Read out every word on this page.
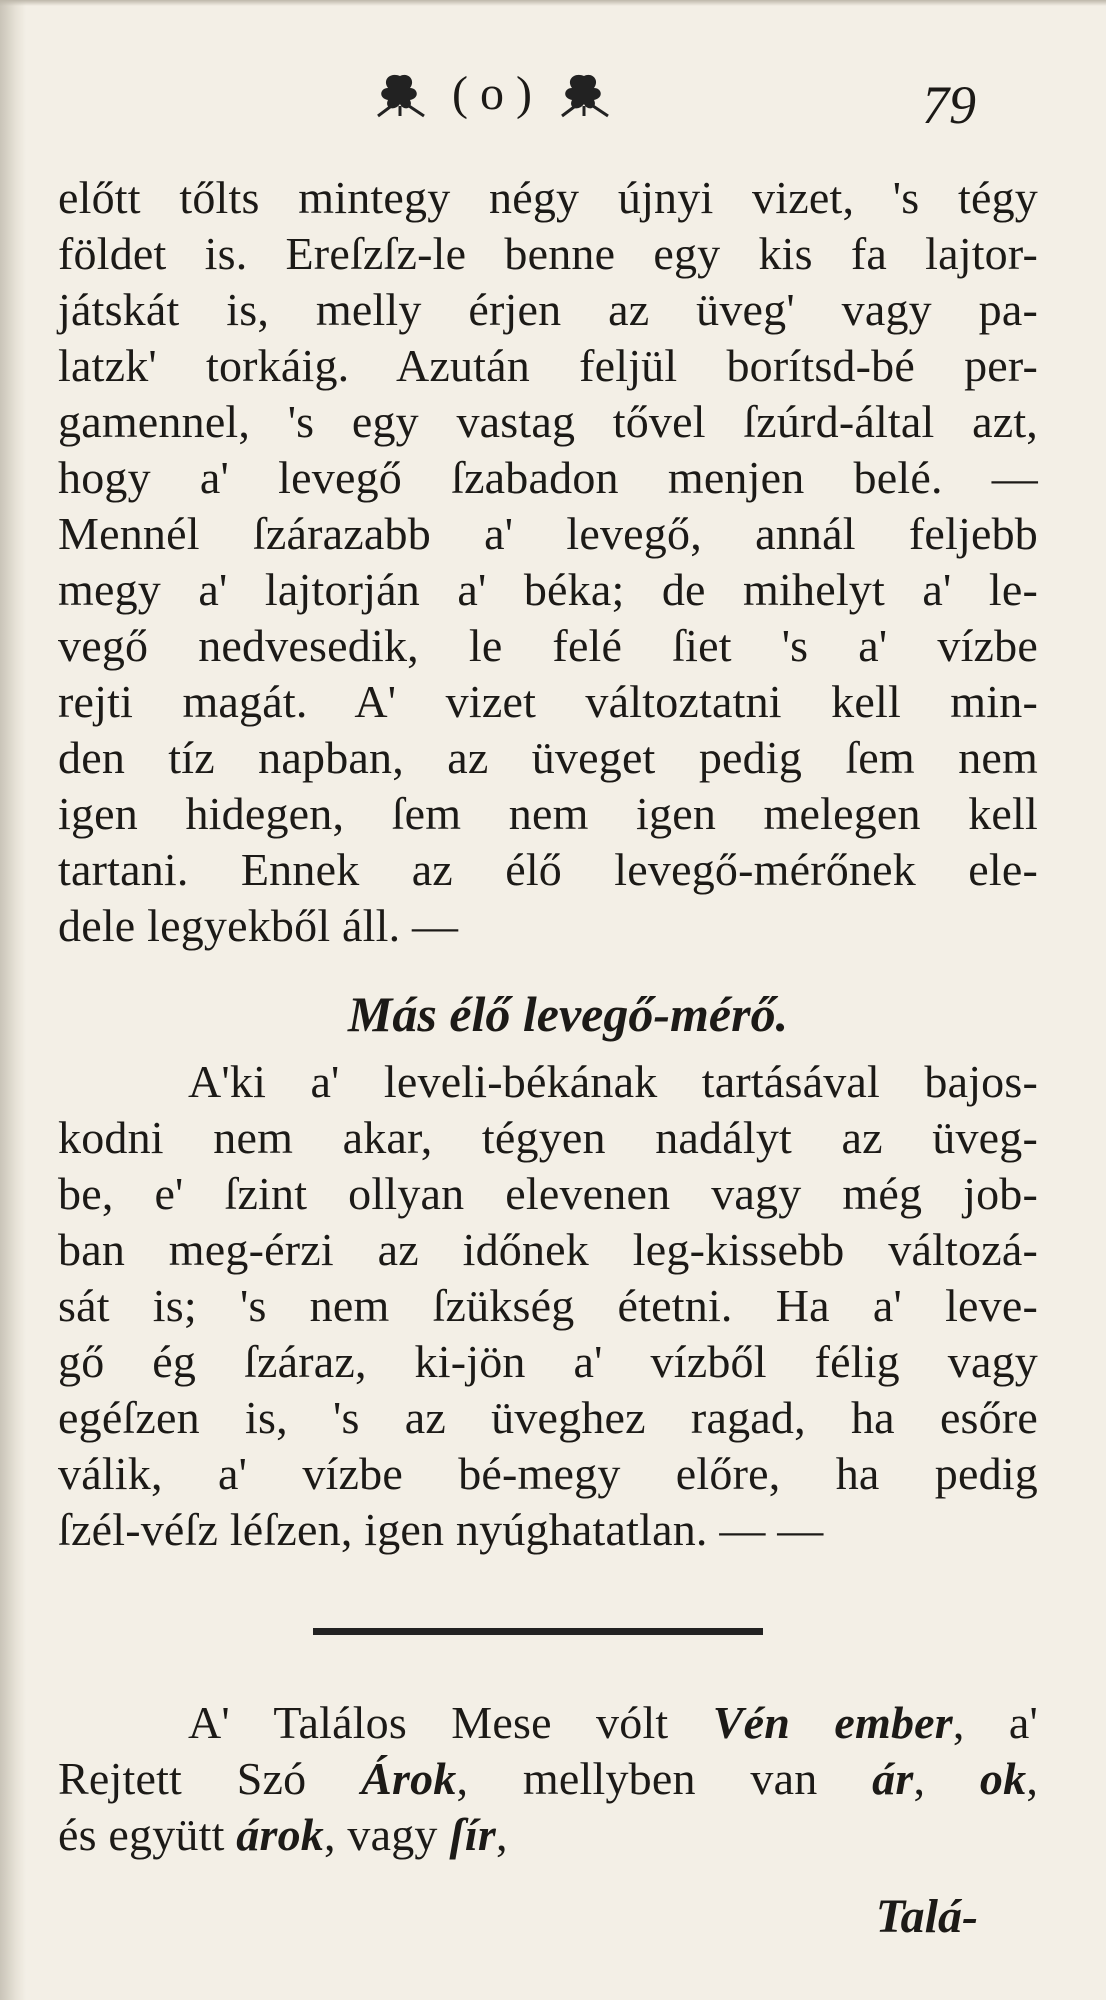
( o )	79
előtt tőlts mintegy négy újnyi vizet, 's tégy
földet is. Ereſzſz-le benne egy kis fa lajtor-
játskát is, melly érjen az üveg' vagy pa-
latzk' torkáig. Azután feljül borítsd-bé per-
gamennel, 's egy vastag tővel ſzúrd-által azt,
hogy a' levegő ſzabadon menjen belé. —
Mennél ſzárazabb a' levegő, annál feljebb
megy a' lajtorján a' béka; de mihelyt a' le-
vegő nedvesedik, le felé ſiet 's a' vízbe
rejti magát. A' vizet változtatni kell min-
den tíz napban, az üveget pedig ſem nem
igen hidegen, ſem nem igen melegen kell
tartani. Ennek az élő levegő-mérőnek ele-
dele legyekből áll. —
Más élő levegő-mérő.
A'ki a' leveli-békának tartásával bajos-
kodni nem akar, tégyen nadályt az üveg-
be, e' ſzint ollyan elevenen vagy még job-
ban meg-érzi az időnek leg-kissebb változá-
sát is; 's nem ſzükség étetni. Ha a' leve-
gő ég ſzáraz, ki-jön a' vízből félig vagy
egéſzen is, 's az üveghez ragad, ha esőre
válik, a' vízbe bé-megy előre, ha pedig
ſzél-véſz léſzen, igen nyúghatatlan. — —
A' Találos Mese vólt Vén ember, a'
Rejtett Szó Árok, mellyben van ár, ok,
és együtt árok, vagy ſír,
Talá-
